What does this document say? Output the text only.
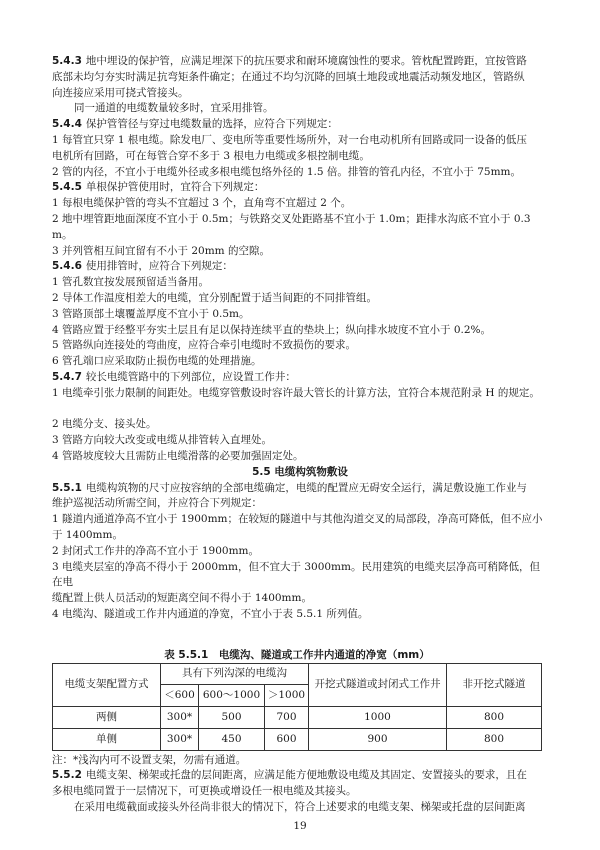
5.4.3 地中埋设的保护管，应满足埋深下的抗压要求和耐环境腐蚀性的要求。管枕配置跨距，宜按管路
底部未均匀夯实时满足抗弯矩条件确定；在通过不均匀沉降的回填土地段或地震活动频发地区，管路纵
向连接应采用可挠式管接头。
同一通道的电缆数量较多时，宜采用排管。
5.4.4 保护管管径与穿过电缆数量的选择，应符合下列规定：
1 每管宜只穿 1 根电缆。除发电厂、变电所等重要性场所外，对一台电动机所有回路或同一设备的低压
电机所有回路，可在每管合穿不多于 3 根电力电缆或多根控制电缆。
2 管的内径，不宜小于电缆外径或多根电缆包络外径的 1.5 倍。排管的管孔内径，不宜小于 75mm。
5.4.5 单根保护管使用时，宜符合下列规定：
1 每根电缆保护管的弯头不宜超过 3 个，直角弯不宜超过 2 个。
2 地中埋管距地面深度不宜小于 0.5m；与铁路交叉处距路基不宜小于 1.0m；距排水沟底不宜小于 0.3m。
3 并列管相互间宜留有不小于 20mm 的空隙。
5.4.6 使用排管时，应符合下列规定：
1 管孔数宜按发展预留适当备用。
2 导体工作温度相差大的电缆，宜分别配置于适当间距的不同排管组。
3 管路顶部土壤覆盖厚度不宜小于 0.5m。
4 管路应置于经整平夯实土层且有足以保持连续平直的垫块上；纵向排水坡度不宜小于 0.2%。
5 管路纵向连接处的弯曲度，应符合牵引电缆时不致损伤的要求。
6 管孔端口应采取防止损伤电缆的处理措施。
5.4.7 较长电缆管路中的下列部位，应设置工作井：
1 电缆牵引张力限制的间距处。电缆穿管敷设时容许最大管长的计算方法，宜符合本规范附录 H 的规定。
2 电缆分支、接头处。
3 管路方向较大改变或电缆从排管转入直埋处。
4 管路坡度较大且需防止电缆滑落的必要加强固定处。
5.5 电缆构筑物敷设
5.5.1 电缆构筑物的尺寸应按容纳的全部电缆确定，电缆的配置应无碍安全运行，满足敷设施工作业与
维护巡视活动所需空间，并应符合下列规定：
1 隧道内通道净高不宜小于 1900mm；在较短的隧道中与其他沟道交叉的局部段，净高可降低，但不应小
于 1400mm。
2 封闭式工作井的净高不宜小于 1900mm。
3 电缆夹层室的净高不得小于 2000mm，但不宜大于 3000mm。民用建筑的电缆夹层净高可稍降低，但在电
缆配置上供人员活动的短距离空间不得小于 1400mm。
4 电缆沟、隧道或工作井内通道的净宽，不宜小于表 5.5.1 所列值。
表 5.5.1　电缆沟、隧道或工作井内通道的净宽（mm）
电缆支架配置方式	具有下列沟深的电缆沟			开挖式隧道或封闭式工作井	非开挖式隧道
	＜600	600～1000	＞1000		
两侧	300*	500	700	1000	800
单侧	300*	450	600	900	800
注：*浅沟内可不设置支架，勿需有通道。
5.5.2 电缆支架、梯架或托盘的层间距离，应满足能方便地敷设电缆及其固定、安置接头的要求，且在
多根电缆同置于一层情况下，可更换或增设任一根电缆及其接头。
在采用电缆截面或接头外径尚非很大的情况下，符合上述要求的电缆支架、梯架或托盘的层间距离
19
